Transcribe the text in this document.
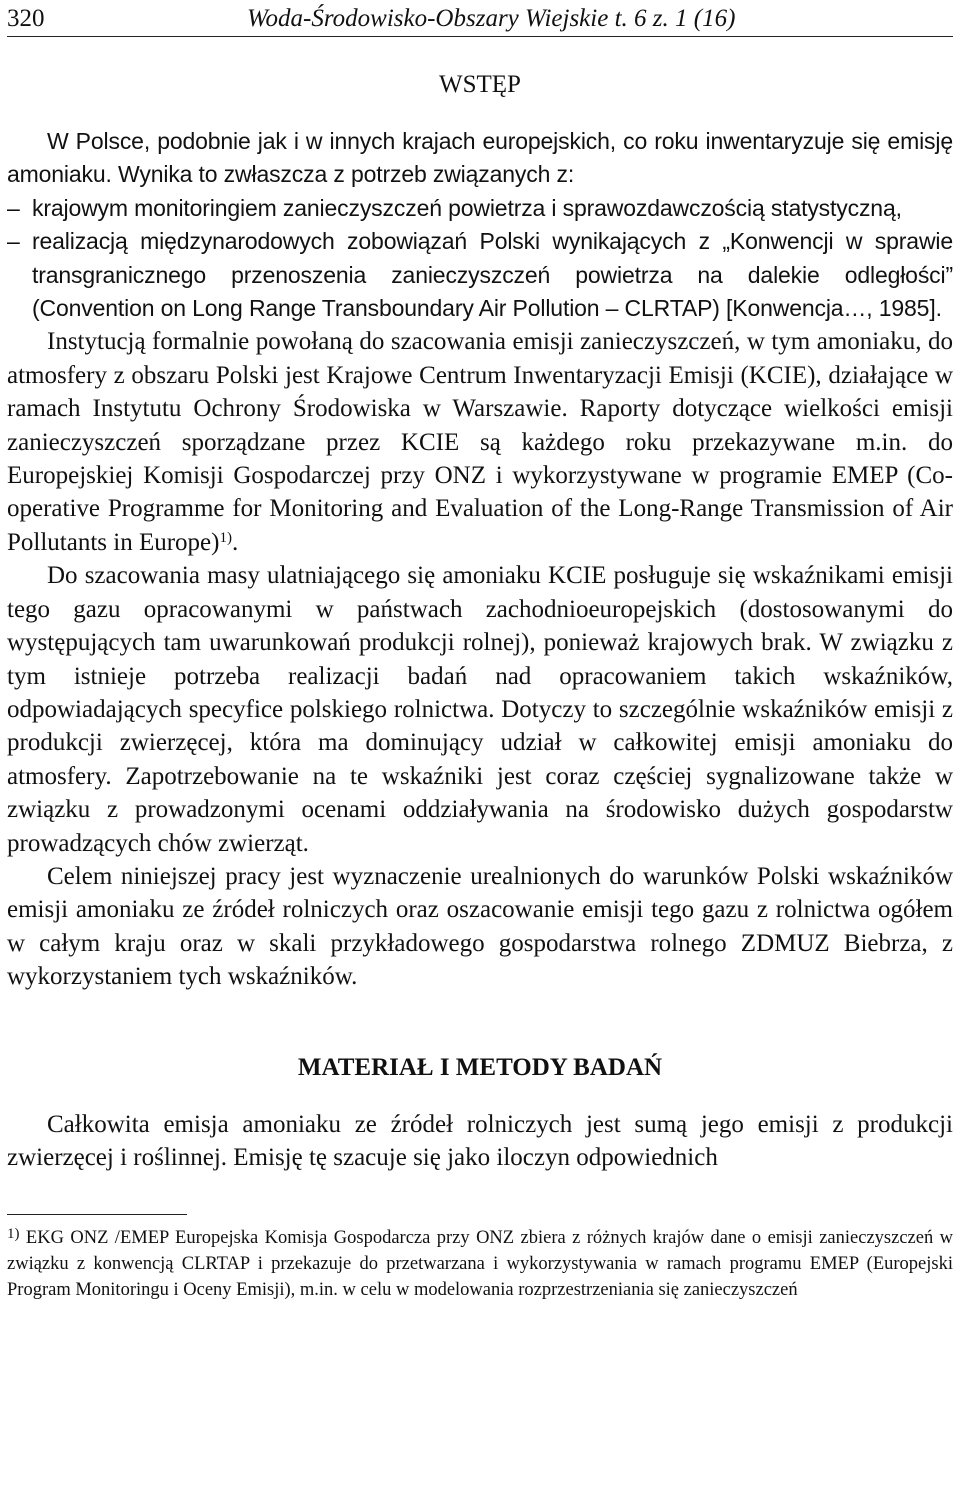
320	Woda-Środowisko-Obszary Wiejskie t. 6 z. 1 (16)
WSTĘP

W Polsce, podobnie jak i w innych krajach europejskich, co roku inwentaryzuje się emisję amoniaku. Wynika to zwłaszcza z potrzeb związanych z:

– krajowym monitoringiem zanieczyszczeń powietrza i sprawozdawczością statystyczną,

– realizacją międzynarodowych zobowiązań Polski wynikających z „Konwencji w sprawie transgranicznego przenoszenia zanieczyszczeń powietrza na dalekie odległości” (Convention on Long Range Transboundary Air Pollution – CLRTAP) [Konwencja…, 1985].

Instytucją formalnie powołaną do szacowania emisji zanieczyszczeń, w tym amoniaku, do atmosfery z obszaru Polski jest Krajowe Centrum Inwentaryzacji Emisji (KCIE), działające w ramach Instytutu Ochrony Środowiska w Warszawie. Raporty dotyczące wielkości emisji zanieczyszczeń sporządzane przez KCIE są każdego roku przekazywane m.in. do Europejskiej Komisji Gospodarczej przy ONZ i wykorzystywane w programie EMEP (Co-operative Programme for Monitoring and Evaluation of the Long-Range Transmission of Air Pollutants in Europe)$^{1)}$.

Do szacowania masy ulatniającego się amoniaku KCIE posługuje się wskaźnikami emisji tego gazu opracowanymi w państwach zachodnioeuropejskich (dostosowanymi do występujących tam uwarunkowań produkcji rolnej), ponieważ krajowych brak. W związku z tym istnieje potrzeba realizacji badań nad opracowaniem takich wskaźników, odpowiadających specyfice polskiego rolnictwa. Dotyczy to szczególnie wskaźników emisji z produkcji zwierzęcej, która ma dominujący udział w całkowitej emisji amoniaku do atmosfery. Zapotrzebowanie na te wskaźniki jest coraz częściej sygnalizowane także w związku z prowadzonymi ocenami oddziaływania na środowisko dużych gospodarstw prowadzących chów zwierząt.

Celem niniejszej pracy jest wyznaczenie urealnionych do warunków Polski wskaźników emisji amoniaku ze źródeł rolniczych oraz oszacowanie emisji tego gazu z rolnictwa ogółem w całym kraju oraz w skali przykładowego gospodarstwa rolnego ZDMUZ Biebrza, z wykorzystaniem tych wskaźników.

MATERIAŁ I METODY BADAŃ

Całkowita emisja amoniaku ze źródeł rolniczych jest sumą jego emisji z produkcji zwierzęcej i roślinnej. Emisję tę szacuje się jako iloczyn odpowiednich

$^{1)}$ EKG ONZ /EMEP Europejska Komisja Gospodarcza przy ONZ zbiera z różnych krajów dane o emisji zanieczyszczeń w związku z konwencją CLRTAP i przekazuje do przetwarzana i wykorzystywania w ramach programu EMEP (Europejski Program Monitoringu i Oceny Emisji), m.in. w celu w modelowania rozprzestrzeniania się zanieczyszczeń
